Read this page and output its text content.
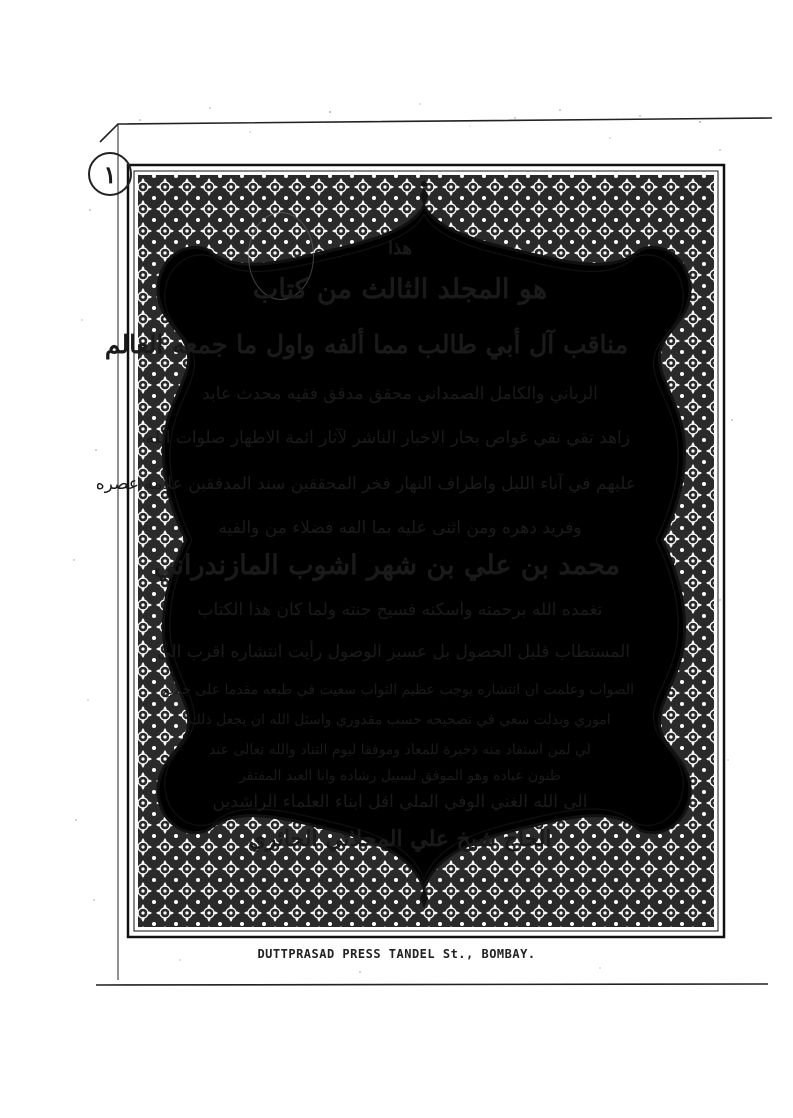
١
هذا
هو المجلد الثالث من كتاب
مناقب آل أبي طالب مما ألفه واول ما جمعه العالم
الرباني والكامل الصمداني محقق مدقق فقيه محدث عابد
زاهد تقي نقي غواص بحار الاخبار الناشر لآثار ائمة الاطهار صلوات الله
عليهم في آناء الليل واطراف النهار فخر المحققين سند المدققين علامة عصره
وفريد دهره ومن اثنى عليه بما الفه فضلاء من والفيه
محمد بن علي بن شهر اشوب المازندراني
تغمده الله برحمته واسكنه فسيح جنته ولما كان هذا الكتاب
المستطاب قليل الحصول بل عسير الوصول رأيت انتشاره اقرب الى
الصواب وعلمت ان انتشاره يوجب عظيم الثواب سعيت في طبعه مقدما على جميع
اموري وبذلت سعي في تصحيحه حسب مقدوري واسئل الله ان يجعل ذلك
لي لمن استفاد منه ذخيرة للمعاد وموفقا ليوم التناد والله تعالى عند
ظنون عباده وهو الموفق لسبيل رشاده وانا العبد المفتقر
الى الله الغني الوفي الملي اقل ابناء العلماء الراشدين
الحاج شيخ علي المحلاتي الحائري
DUTTPRASAD PRESS TANDEL St., BOMBAY.
